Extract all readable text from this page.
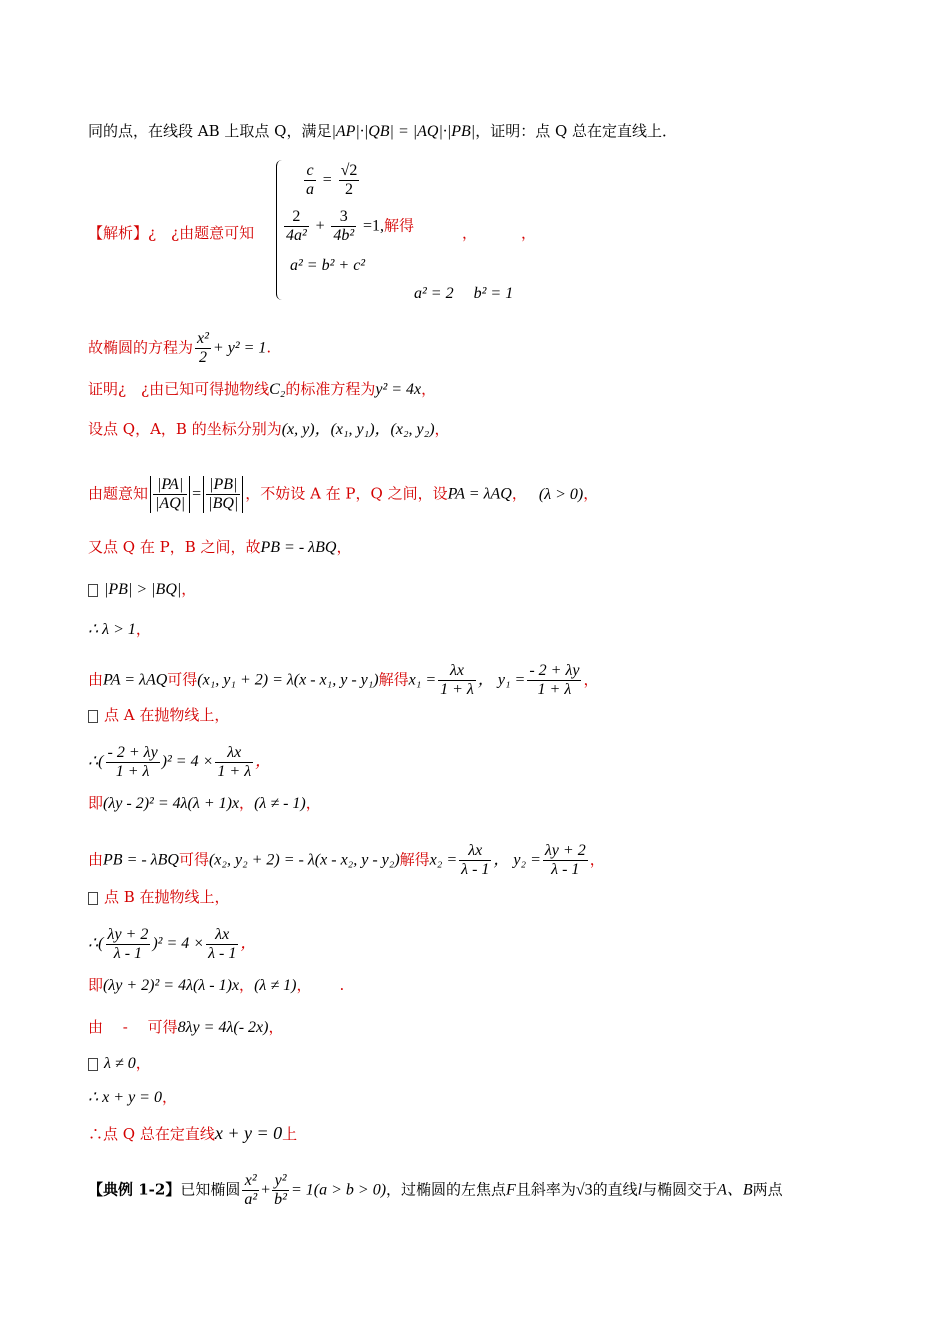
同的点，在线段 AB 上取点 Q，满足|AP|·|QB| = |AQ|·|PB|，证明：点 Q 总在定直线上．
$\frac{c}{a} = \frac{√2}{2}$
【解析】¿　¿由题意可知 $\frac{2}{\text{4a²}} + \frac{3}{\text{4b²}} =1$,解得	，	，
a² = b² + c²
a² = 2　 b² = 1
故椭圆的方程为 $\frac{\text{x²}}{2} + y^2 = 1$.
证明¿　¿由已知可得抛物线C₂的标准方程为y² = 4x，
设点 Q，A，B 的坐标分别为(x, y)，(x₁, y₁)，(x₂, y₂)，
由题意知 $\frac{|PA|}{|AQ|} = \frac{|PB|}{|BQ|}$ ，不妨设 A 在 P，Q 之间，设PA = λAQ， (λ > 0)，
又点 Q 在 P，B 之间，故PB = - λBQ，
|PB| > |BQ|，
∴ λ > 1，
由PA = λAQ可得(x₁, y₁ + 2) = λ(x - x₁, y - y₁)解得$x_1 = \frac{\lambda x}{1 + \lambda}$ ， $y_1 = \frac{- 2 + \lambda y}{1 + \lambda}$ ，
点 A 在抛物线上，
∴( $\frac{- 2 + \lambda y}{1 + \lambda} )^2 = 4 \times \frac{\lambda x}{1 + \lambda}$ ，
即(λy - 2)² = 4λ(λ + 1)x，(λ ≠ - 1)，
由PB = - λBQ可得(x₂, y₂ + 2) = - λ(x - x₂, y - y₂)解得$x_2 = \frac{\lambda x}{\lambda - 1}$ ， $y_2 = \frac{\lambda y + 2}{\lambda - 1}$ ，
点 B 在抛物线上，
∴( $\frac{\lambda y + 2}{\lambda - 1} )^2 = 4 \times \frac{\lambda x}{\lambda - 1}$ ，
即(λy + 2)² = 4λ(λ - 1)x，(λ ≠ 1)， .
由　 -　 可得8λy = 4λ(- 2x)，
λ ≠ 0，
∴ x + y = 0，
∴点 Q 总在定直线x + y = 0上
【典例 1-2】已知椭圆 $\frac{\text{x²}}{\text{a²}} + \frac{\text{y²}}{\text{b²}} = 1(a > b > 0)$，过椭圆的左焦点F且斜率为√3的直线l与椭圆交于A、B两点
